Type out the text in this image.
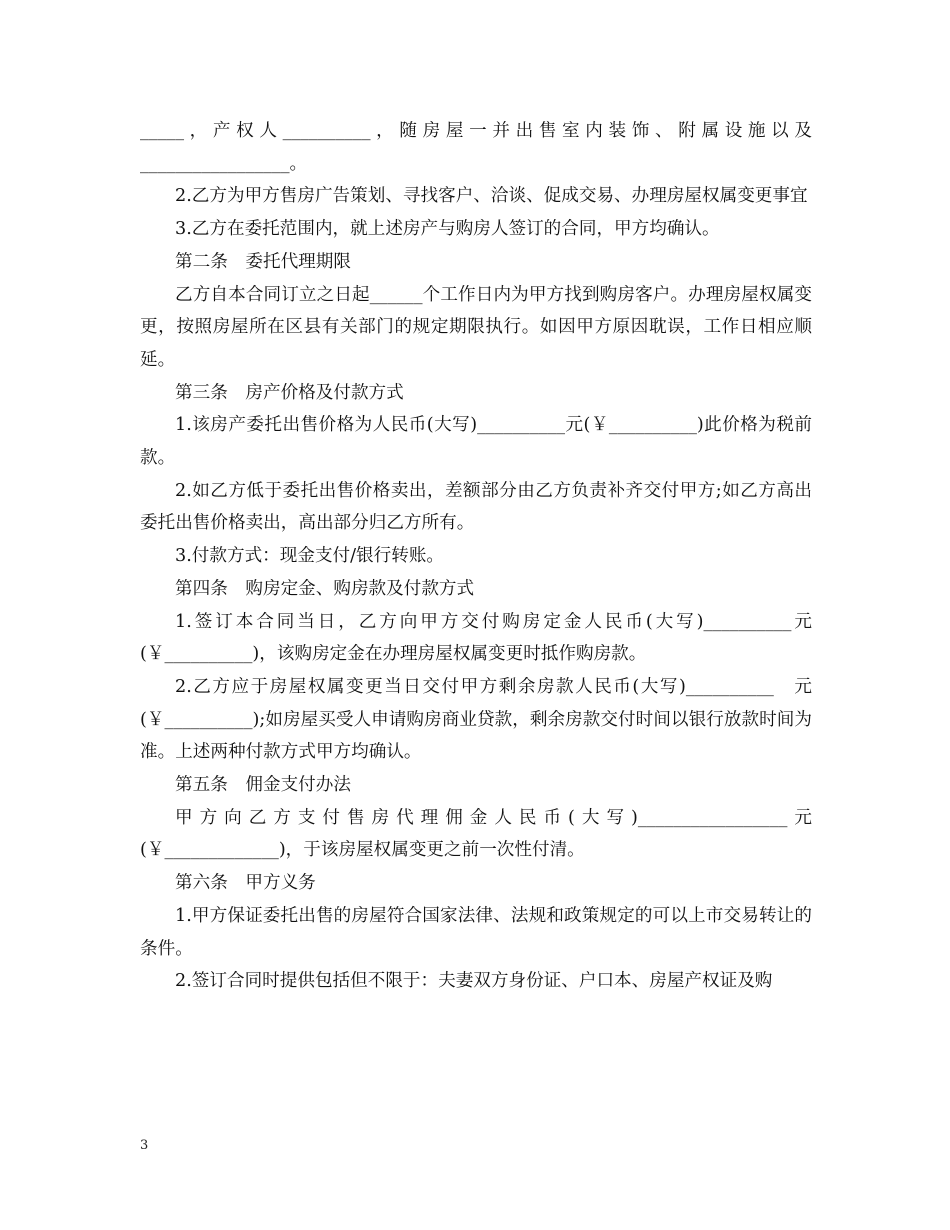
_____，产权人__________，随房屋一并出售室内装饰、附属设施以及_________________。

2.乙方为甲方售房广告策划、寻找客户、洽谈、促成交易、办理房屋权属变更事宜

3.乙方在委托范围内，就上述房产与购房人签订的合同，甲方均确认。

第二条　委托代理期限

乙方自本合同订立之日起______个工作日内为甲方找到购房客户。办理房屋权属变更，按照房屋所在区县有关部门的规定期限执行。如因甲方原因耽误，工作日相应顺延。

第三条　房产价格及付款方式

1.该房产委托出售价格为人民币(大写)__________元(￥__________)此价格为税前款。

2.如乙方低于委托出售价格卖出，差额部分由乙方负责补齐交付甲方;如乙方高出委托出售价格卖出，高出部分归乙方所有。

3.付款方式：现金支付/银行转账。

第四条　购房定金、购房款及付款方式

1.签订本合同当日，乙方向甲方交付购房定金人民币(大写)__________元(￥__________)，该购房定金在办理房屋权属变更时抵作购房款。

2.乙方应于房屋权属变更当日交付甲方剩余房款人民币(大写)__________　元(￥__________);如房屋买受人申请购房商业贷款，剩余房款交付时间以银行放款时间为准。上述两种付款方式甲方均确认。

第五条　佣金支付办法

甲方向乙方支付售房代理佣金人民币(大写)_________________元(￥_____________)，于该房屋权属变更之前一次性付清。

第六条　甲方义务

1.甲方保证委托出售的房屋符合国家法律、法规和政策规定的可以上市交易转让的条件。

2.签订合同时提供包括但不限于：夫妻双方身份证、户口本、房屋产权证及购

3
